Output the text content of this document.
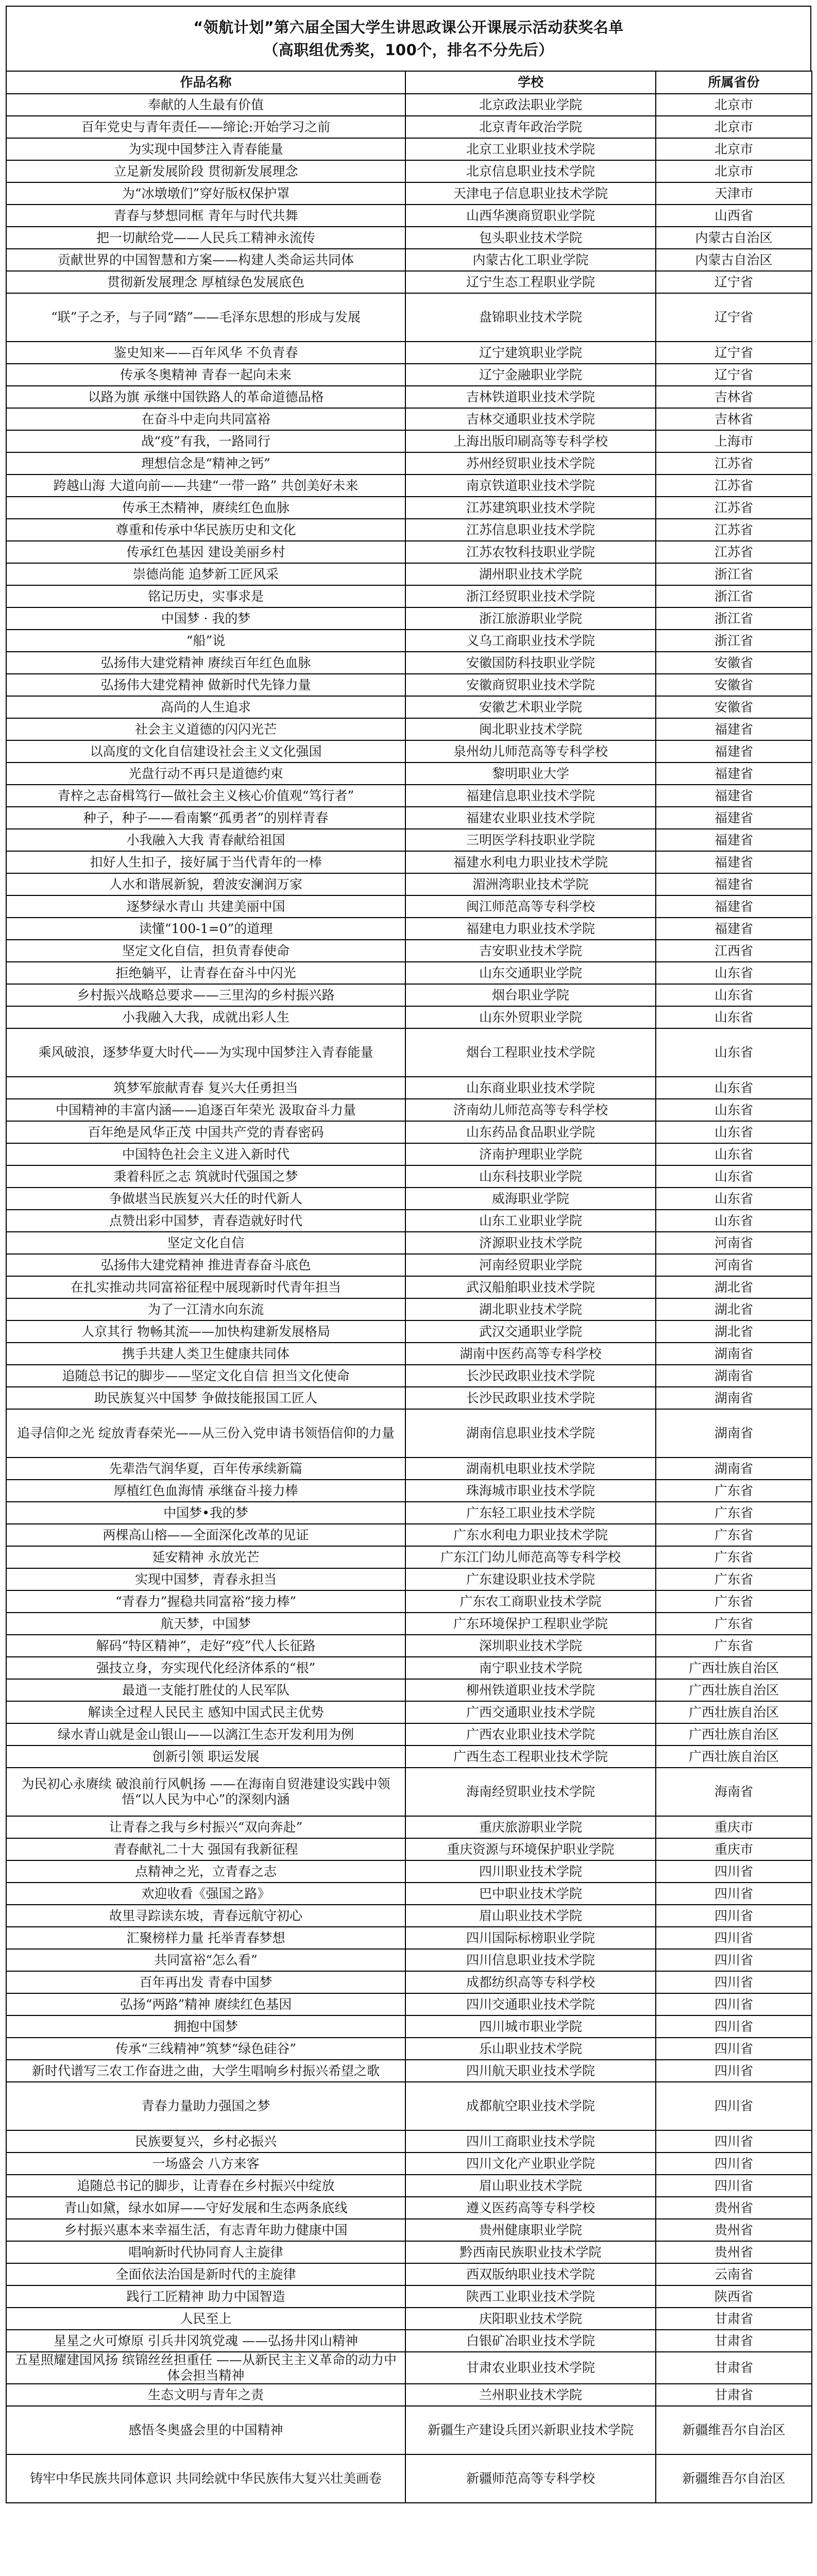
“领航计划”第六届全国大学生讲思政课公开课展示活动获奖名单
（高职组优秀奖，100个，排名不分先后）
作品名称	学校	所属省份
奉献的人生最有价值	北京政法职业学院	北京市
百年党史与青年责任——缔论:开始学习之前	北京青年政治学院	北京市
为实现中国梦注入青春能量	北京工业职业技术学院	北京市
立足新发展阶段 贯彻新发展理念	北京信息职业技术学院	北京市
为“冰墩墩们”穿好版权保护罩	天津电子信息职业技术学院	天津市
青春与梦想同框 青年与时代共舞	山西华澳商贸职业学院	山西省
把一切献给党——人民兵工精神永流传	包头职业技术学院	内蒙古自治区
贡献世界的中国智慧和方案——构建人类命运共同体	内蒙古化工职业学院	内蒙古自治区
贯彻新发展理念 厚植绿色发展底色	辽宁生态工程职业学院	辽宁省
“联”子之矛，与子同“踏”——毛泽东思想的形成与发展	盘锦职业技术学院	辽宁省
鉴史知来——百年风华 不负青春	辽宁建筑职业学院	辽宁省
传承冬奥精神 青春一起向未来	辽宁金融职业学院	辽宁省
以路为旗 承继中国铁路人的革命道德品格	吉林铁道职业技术学院	吉林省
在奋斗中走向共同富裕	吉林交通职业技术学院	吉林省
战“疫”有我，一路同行	上海出版印刷高等专科学校	上海市
理想信念是“精神之钙”	苏州经贸职业技术学院	江苏省
跨越山海 大道向前——共建“一带一路” 共创美好未来	南京铁道职业技术学院	江苏省
传承王杰精神，赓续红色血脉	江苏建筑职业技术学院	江苏省
尊重和传承中华民族历史和文化	江苏信息职业技术学院	江苏省
传承红色基因 建设美丽乡村	江苏农牧科技职业学院	江苏省
崇德尚能 追梦新工匠风采	湖州职业技术学院	浙江省
铭记历史，实事求是	浙江经贸职业技术学院	浙江省
中国梦 · 我的梦	浙江旅游职业学院	浙江省
“船”说	义乌工商职业技术学院	浙江省
弘扬伟大建党精神 赓续百年红色血脉	安徽国防科技职业学院	安徽省
弘扬伟大建党精神 做新时代先锋力量	安徽商贸职业技术学院	安徽省
高尚的人生追求	安徽艺术职业学院	安徽省
社会主义道德的闪闪光芒	闽北职业技术学院	福建省
以高度的文化自信建设社会主义文化强国	泉州幼儿师范高等专科学校	福建省
光盘行动不再只是道德约束	黎明职业大学	福建省
青梓之志奋楫笃行—做社会主义核心价值观“笃行者”	福建信息职业技术学院	福建省
种子，种子——看南繁“孤勇者”的别样青春	福建农业职业技术学院	福建省
小我融入大我 青春献给祖国	三明医学科技职业学院	福建省
扣好人生扣子，接好属于当代青年的一棒	福建水利电力职业技术学院	福建省
人水和谐展新貌，碧波安澜润万家	湄洲湾职业技术学院	福建省
逐梦绿水青山 共建美丽中国	闽江师范高等专科学校	福建省
读懂“100-1=0”的道理	福建电力职业技术学院	福建省
坚定文化自信，担负青春使命	吉安职业技术学院	江西省
拒绝躺平，让青春在奋斗中闪光	山东交通职业学院	山东省
乡村振兴战略总要求——三里沟的乡村振兴路	烟台职业学院	山东省
小我融入大我，成就出彩人生	山东外贸职业学院	山东省
乘风破浪，逐梦华夏大时代——为实现中国梦注入青春能量	烟台工程职业技术学院	山东省
筑梦军旅献青春 复兴大任勇担当	山东商业职业技术学院	山东省
中国精神的丰富内涵——追逐百年荣光 汲取奋斗力量	济南幼儿师范高等专科学校	山东省
百年绝是风华正茂 中国共产党的青春密码	山东药品食品职业学院	山东省
中国特色社会主义进入新时代	济南护理职业学院	山东省
秉着科匠之志 筑就时代强国之梦	山东科技职业学院	山东省
争做堪当民族复兴大任的时代新人	威海职业学院	山东省
点赞出彩中国梦，青春造就好时代	山东工业职业学院	山东省
坚定文化自信	济源职业技术学院	河南省
弘扬伟大建党精神 推进青春奋斗底色	河南经贸职业学院	河南省
在扎实推动共同富裕征程中展现新时代青年担当	武汉船舶职业技术学院	湖北省
为了一江清水向东流	湖北职业技术学院	湖北省
人京其行 物畅其流——加快构建新发展格局	武汉交通职业学院	湖北省
携手共建人类卫生健康共同体	湖南中医药高等专科学校	湖南省
追随总书记的脚步——坚定文化自信 担当文化使命	长沙民政职业技术学院	湖南省
助民族复兴中国梦 争做技能报国工匠人	长沙民政职业技术学院	湖南省
追寻信仰之光 绽放青春荣光——从三份入党申请书领悟信仰的力量	湖南信息职业技术学院	湖南省
先辈浩气润华夏，百年传承续新篇	湖南机电职业技术学院	湖南省
厚植红色血海情 承继奋斗接力棒	珠海城市职业技术学院	广东省
中国梦•我的梦	广东轻工职业技术学院	广东省
两棵高山榕——全面深化改革的见证	广东水利电力职业技术学院	广东省
延安精神 永放光芒	广东江门幼儿师范高等专科学校	广东省
实现中国梦，青春永担当	广东建设职业技术学院	广东省
“青春力”握稳共同富裕“接力棒”	广东农工商职业技术学院	广东省
航天梦，中国梦	广东环境保护工程职业学院	广东省
解码“特区精神”，走好“疫”代人长征路	深圳职业技术学院	广东省
强技立身，夯实现代化经济体系的“根”	南宁职业技术学院	广西壮族自治区
最逍一支能打胜仗的人民军队	柳州铁道职业技术学院	广西壮族自治区
解读全过程人民民主 感知中国式民主优势	广西交通职业技术学院	广西壮族自治区
绿水青山就是金山银山——以漓江生态开发利用为例	广西农业职业技术学院	广西壮族自治区
创新引领 职运发展	广西生态工程职业技术学院	广西壮族自治区
为民初心永赓续 破浪前行风帆扬 ——在海南自贸港建设实践中领悟“以人民为中心”的深刻内涵	海南经贸职业技术学院	海南省
让青春之我与乡村振兴“双向奔赴”	重庆旅游职业学院	重庆市
青春献礼二十大 强国有我新征程	重庆资源与环境保护职业学院	重庆市
点精神之光，立青春之志	四川职业技术学院	四川省
欢迎收看《强国之路》	巴中职业技术学院	四川省
故里寻踪读东坡，青春远航守初心	眉山职业技术学院	四川省
汇聚榜样力量 托举青春梦想	四川国际标榜职业学院	四川省
共同富裕“怎么看”	四川信息职业技术学院	四川省
百年再出发 青春中国梦	成都纺织高等专科学校	四川省
弘扬“两路”精神 赓续红色基因	四川交通职业技术学院	四川省
拥抱中国梦	四川城市职业学院	四川省
传承“三线精神”筑梦“绿色硅谷”	乐山职业技术学院	四川省
新时代谱写三农工作奋进之曲，大学生唱响乡村振兴希望之歌	四川航天职业技术学院	四川省
青春力量助力强国之梦	成都航空职业技术学院	四川省
民族要复兴，乡村必振兴	四川工商职业技术学院	四川省
一场盛会 八方来客	四川文化产业职业学院	四川省
追随总书记的脚步，让青春在乡村振兴中绽放	眉山职业技术学院	四川省
青山如黛，绿水如屏——守好发展和生态两条底线	遵义医药高等专科学校	贵州省
乡村振兴惠本来幸福生活，有志青年助力健康中国	贵州健康职业学院	贵州省
唱响新时代协同育人主旋律	黔西南民族职业技术学院	贵州省
全面依法治国是新时代的主旋律	西双版纳职业技术学院	云南省
践行工匠精神 助力中国智造	陕西工业职业技术学院	陕西省
人民至上	庆阳职业技术学院	甘肃省
星星之火可燎原 引兵井冈筑党魂 ——弘扬井冈山精神	白银矿冶职业技术学院	甘肃省
五星照耀建国风扬 缤锦丝丝担重任 ——从新民主主义革命的动力中体会担当精神	甘肃农业职业技术学院	甘肃省
生态文明与青年之责	兰州职业技术学院	甘肃省
感悟冬奥盛会里的中国精神	新疆生产建设兵团兴新职业技术学院	新疆维吾尔自治区
铸牢中华民族共同体意识 共同绘就中华民族伟大复兴壮美画卷	新疆师范高等专科学校	新疆维吾尔自治区
